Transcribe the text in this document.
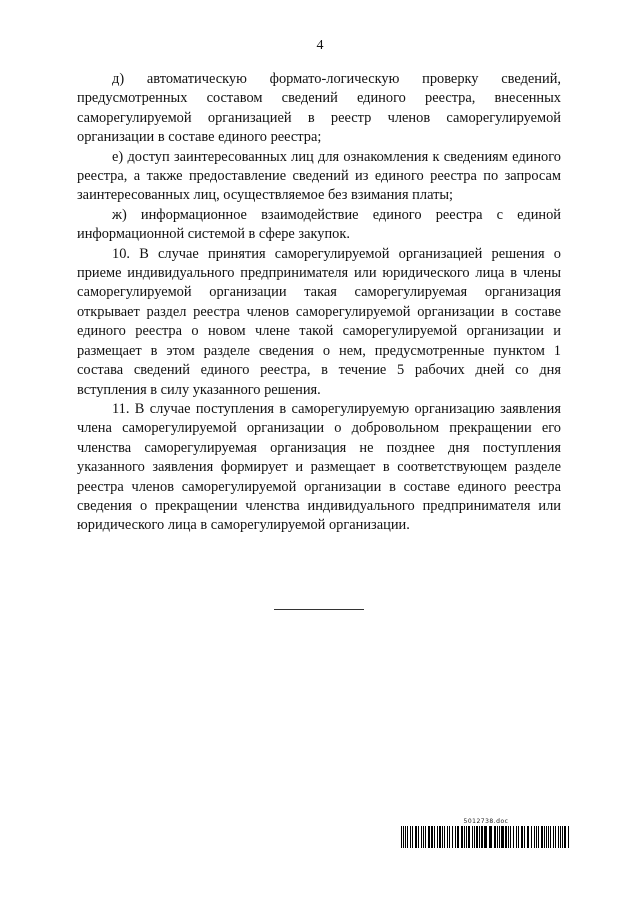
4

д) автоматическую формато-логическую проверку сведений, предусмотренных составом сведений единого реестра, внесенных саморегулируемой организацией в реестр членов саморегулируемой организации в составе единого реестра;

е) доступ заинтересованных лиц для ознакомления к сведениям единого реестра, а также предоставление сведений из единого реестра по запросам заинтересованных лиц, осуществляемое без взимания платы;

ж) информационное взаимодействие единого реестра с единой информационной системой в сфере закупок.

10. В случае принятия саморегулируемой организацией решения о приеме индивидуального предпринимателя или юридического лица в члены саморегулируемой организации такая саморегулируемая организация открывает раздел реестра членов саморегулируемой организации в составе единого реестра о новом члене такой саморегулируемой организации и размещает в этом разделе сведения о нем, предусмотренные пунктом 1 состава сведений единого реестра, в течение 5 рабочих дней со дня вступления в силу указанного решения.

11. В случае поступления в саморегулируемую организацию заявления члена саморегулируемой организации о добровольном прекращении его членства саморегулируемая организация не позднее дня поступления указанного заявления формирует и размещает в соответствующем разделе реестра членов саморегулируемой организации в составе единого реестра сведения о прекращении членства индивидуального предпринимателя или юридического лица в саморегулируемой организации.

5012738.doc
